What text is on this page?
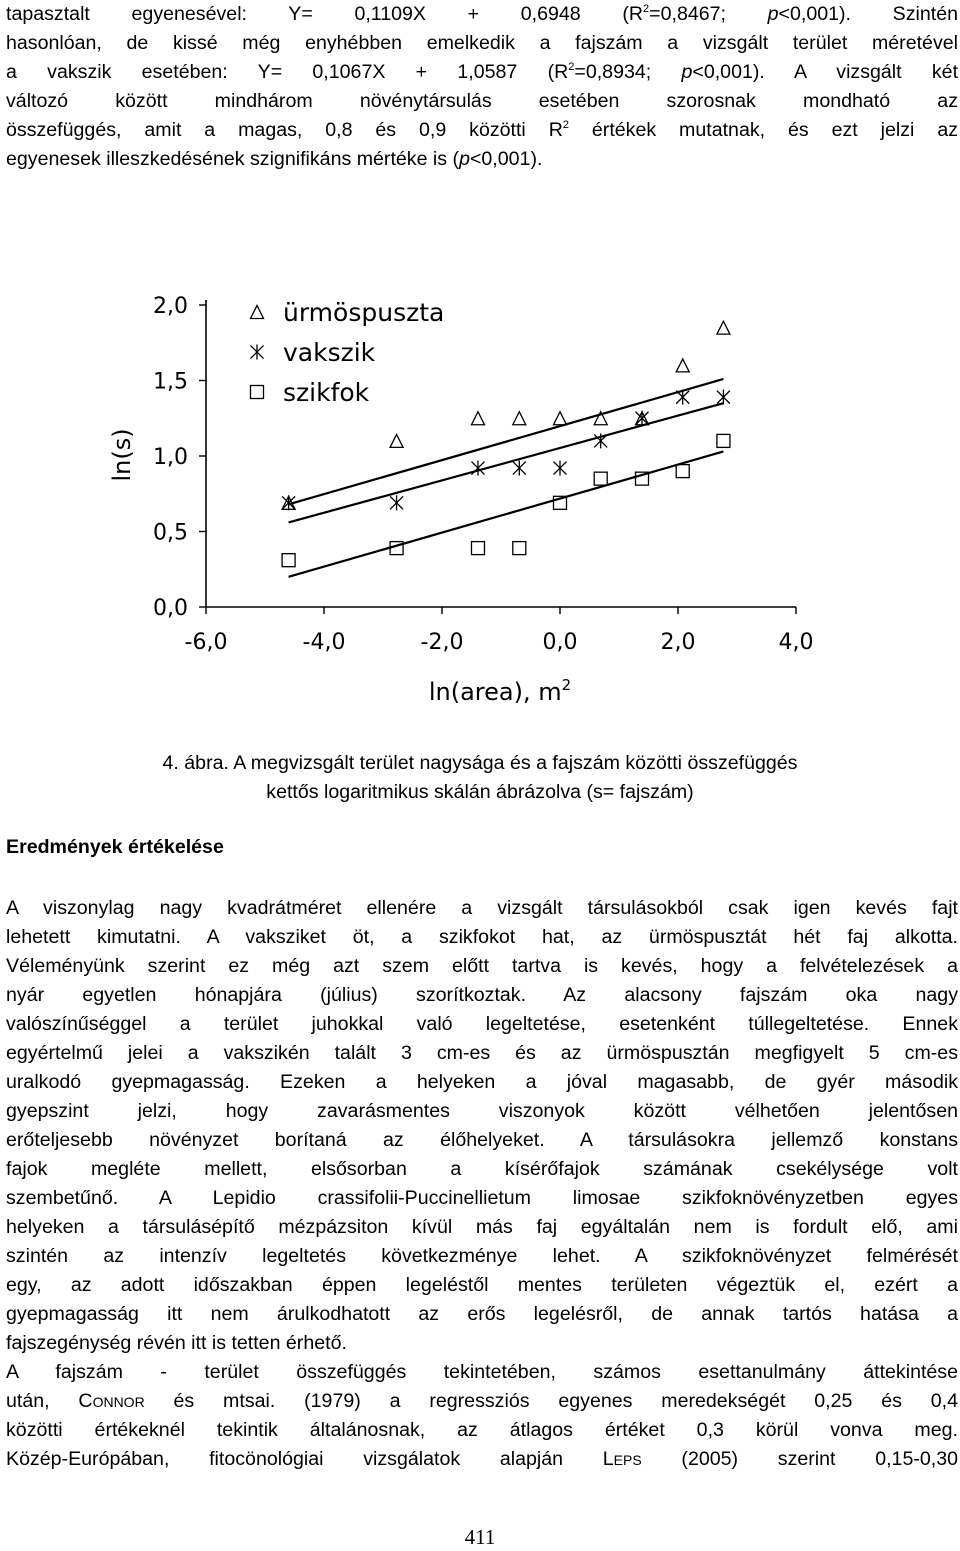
tapasztalt egyenesével: Y= 0,1109X + 0,6948 ($R^2=0,8467$; p<0,001). Szintén
hasonlóan, de kissé még enyhébben emelkedik a fajszám a vizsgált terület méretével
a vakszik esetében: Y= 0,1067X + 1,0587 ($R^2=0,8934$; p<0,001). A vizsgált két
változó között mindhárom növénytársulás esetében szorosnak mondható az
összefüggés, amit a magas, 0,8 és 0,9 közötti $R^2$ értékek mutatnak, és ezt jelzi az
egyenesek illeszkedésének szignifikáns mértéke is (p<0,001).
-6,0	-4,0	-2,0	0,0	2,0	4,0
0,0
0,5
1,0
1,5
2,0	ürmöspuszta
vakszik
szikfok
ln(s)
ln(area), $m^2$
4. ábra. A megvizsgált terület nagysága és a fajszám közötti összefüggés
kettős logaritmikus skálán ábrázolva (s= fajszám)
Eredmények értékelése
A viszonylag nagy kvadrátméret ellenére a vizsgált társulásokból csak igen kevés fajt
lehetett kimutatni. A vaksziket öt, a szikfokot hat, az ürmöspusztát hét faj alkotta.
Véleményünk szerint ez még azt szem előtt tartva is kevés, hogy a felvételezések a
nyár egyetlen hónapjára (július) szorítkoztak. Az alacsony fajszám oka nagy
valószínűséggel a terület juhokkal való legeltetése, esetenként túllegeltetése. Ennek
egyértelmű jelei a vakszikén talált 3 cm-es és az ürmöspusztán megfigyelt 5 cm-es
uralkodó gyepmagasság. Ezeken a helyeken a jóval magasabb, de gyér második
gyepszint jelzi, hogy zavarásmentes viszonyok között vélhetően jelentősen
erőteljesebb növényzet borítaná az élőhelyeket. A társulásokra jellemző konstans
fajok megléte mellett, elsősorban a kísérőfajok számának csekélysége volt
szembetűnő. A Lepidio crassifolii-Puccinellietum limosae szikfoknövényzetben egyes
helyeken a társulásépítő mézpázsiton kívül más faj egyáltalán nem is fordult elő, ami
szintén az intenzív legeltetés következménye lehet. A szikfoknövényzet felmérését
egy, az adott időszakban éppen legeléstől mentes területen végeztük el, ezért a
gyepmagasság itt nem árulkodhatott az erős legelésről, de annak tartós hatása a
fajszegénység révén itt is tetten érhető.
A fajszám - terület összefüggés tekintetében, számos esettanulmány áttekintése
után, Connor és mtsai. (1979) a regressziós egyenes meredekségét 0,25 és 0,4
közötti értékeknél tekintik általánosnak, az átlagos értéket 0,3 körül vonva meg.
Közép-Európában, fitocönológiai vizsgálatok alapján Leps (2005) szerint 0,15-0,30
411
